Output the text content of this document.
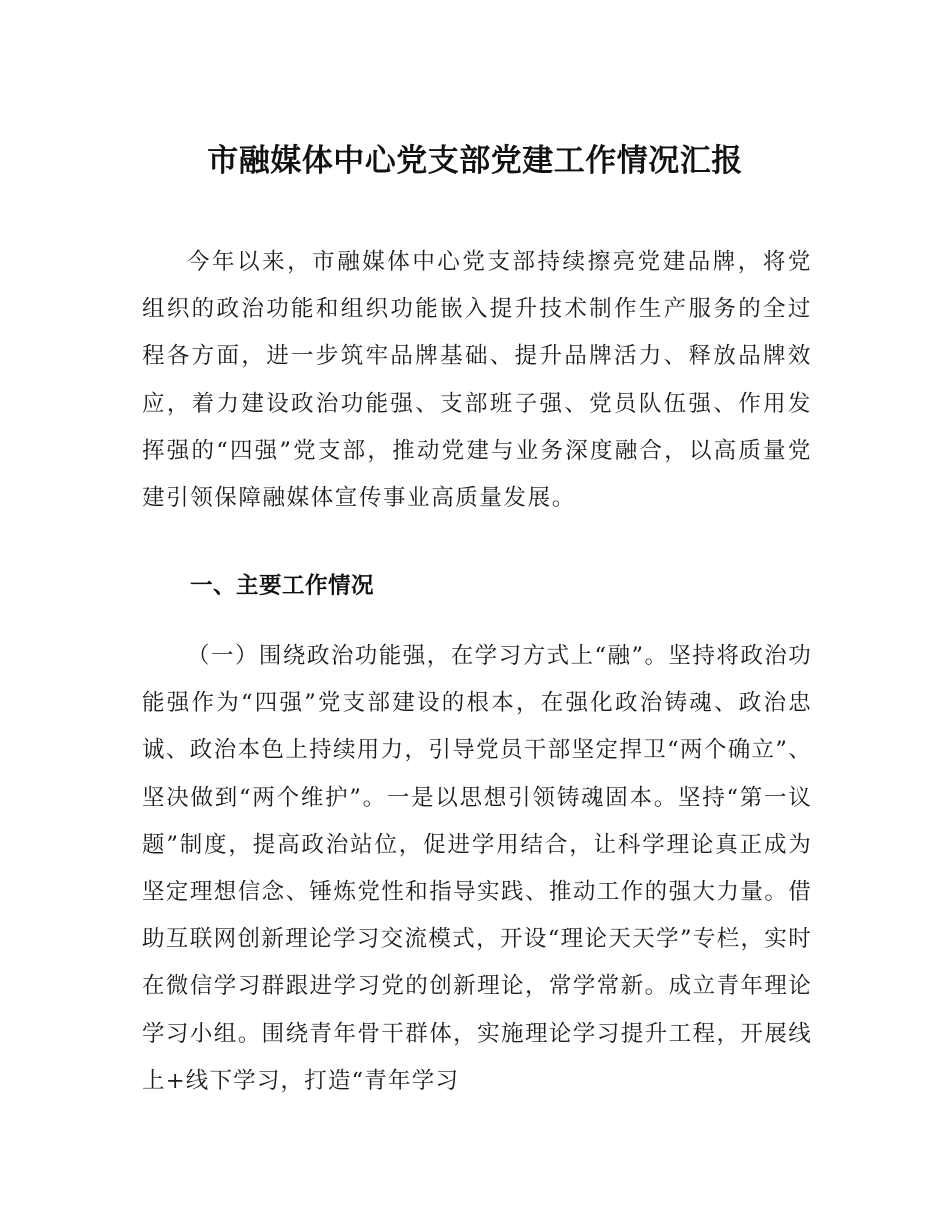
市融媒体中心党支部党建工作情况汇报

今年以来，市融媒体中心党支部持续擦亮党建品牌，将党组织的政治功能和组织功能嵌入提升技术制作生产服务的全过程各方面，进一步筑牢品牌基础、提升品牌活力、释放品牌效应，着力建设政治功能强、支部班子强、党员队伍强、作用发挥强的“四强”党支部，推动党建与业务深度融合，以高质量党建引领保障融媒体宣传事业高质量发展。

一、主要工作情况

（一）围绕政治功能强，在学习方式上“融”。坚持将政治功能强作为“四强”党支部建设的根本，在强化政治铸魂、政治忠诚、政治本色上持续用力，引导党员干部坚定捍卫“两个确立”、坚决做到“两个维护”。一是以思想引领铸魂固本。坚持“第一议题”制度，提高政治站位，促进学用结合，让科学理论真正成为坚定理想信念、锤炼党性和指导实践、推动工作的强大力量。借助互联网创新理论学习交流模式，开设“理论天天学”专栏，实时在微信学习群跟进学习党的创新理论，常学常新。成立青年理论学习小组。围绕青年骨干群体，实施理论学习提升工程，开展线上+线下学习，打造“青年学习
